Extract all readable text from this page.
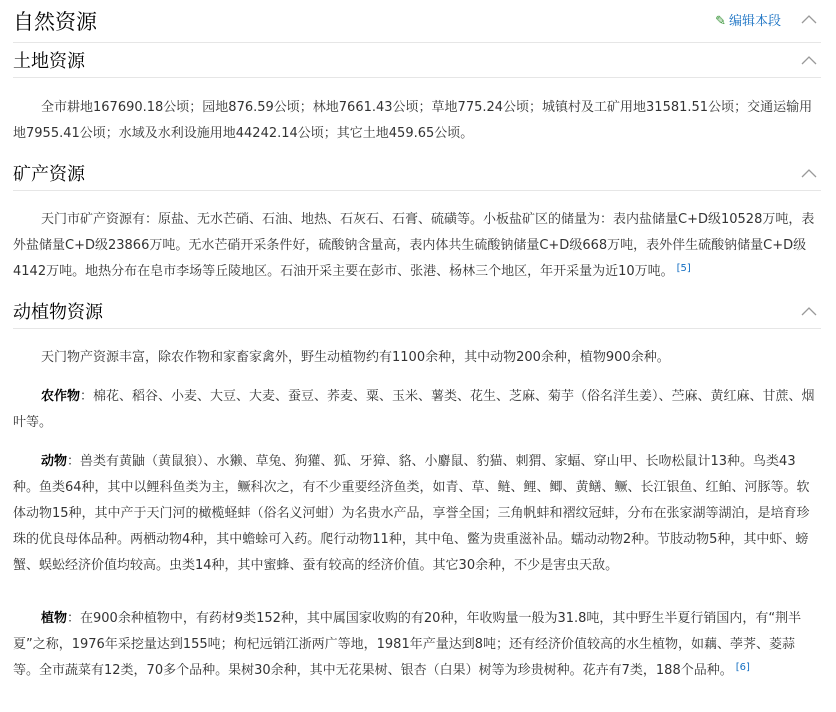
自然资源	✎ 编辑本段
土地资源

全市耕地167690.18公顷；园地876.59公顷；林地7661.43公顷；草地775.24公顷；城镇村及工矿用地31581.51公顷；交通运输用地7955.41公顷；水域及水利设施用地44242.14公顷；其它土地459.65公顷。

矿产资源

天门市矿产资源有：原盐、无水芒硝、石油、地热、石灰石、石膏、硫磺等。小板盐矿区的储量为：表内盐储量C+D级10528万吨，表外盐储量C+D级23866万吨。无水芒硝开采条件好，硫酸钠含量高，表内体共生硫酸钠储量C+D级668万吨，表外伴生硫酸钠储量C+D级4142万吨。地热分布在皂市李场等丘陵地区。石油开采主要在彭市、张港、杨林三个地区，年开采量为近10万吨。 [5]

动植物资源

天门物产资源丰富，除农作物和家畜家禽外，野生动植物约有1100余种，其中动物200余种，植物900余种。

农作物：棉花、稻谷、小麦、大豆、大麦、蚕豆、荞麦、粟、玉米、薯类、花生、芝麻、菊芋（俗名洋生姜）、苎麻、黄红麻、甘蔗、烟叶等。

动物：兽类有黄鼬（黄鼠狼）、水獭、草兔、狗獾、狐、牙獐、貉、小麝鼠、豹猫、刺猬、家蝠、穿山甲、长吻松鼠计13种。鸟类43种。鱼类64种，其中以鲤科鱼类为主，鳜科次之，有不少重要经济鱼类，如青、草、鲢、鲤、鲫、黄鳝、鳜、长江银鱼、红鲌、河豚等。软体动物15种，其中产于天门河的橄榄蛏蚌（俗名义河蚶）为名贵水产品，享誉全国；三角帆蚌和褶纹冠蚌，分布在张家湖等湖泊，是培育珍珠的优良母体品种。两栖动物4种，其中蟾蜍可入药。爬行动物11种，其中龟、鳖为贵重滋补品。蠕动动物2种。节肢动物5种，其中虾、螃蟹、蜈蚣经济价值均较高。虫类14种，其中蜜蜂、蚕有较高的经济价值。其它30余种，不少是害虫天敌。

植物：在900余种植物中，有药材9类152种，其中属国家收购的有20种，年收购量一般为31.8吨，其中野生半夏行销国内，有“荆半夏”之称，1976年采挖量达到155吨；枸杞远销江浙两广等地，1981年产量达到8吨；还有经济价值较高的水生植物，如藕、荸荠、菱蒜等。全市蔬菜有12类，70多个品种。果树30余种，其中无花果树、银杏（白果）树等为珍贵树种。花卉有7类，188个品种。 [6]
